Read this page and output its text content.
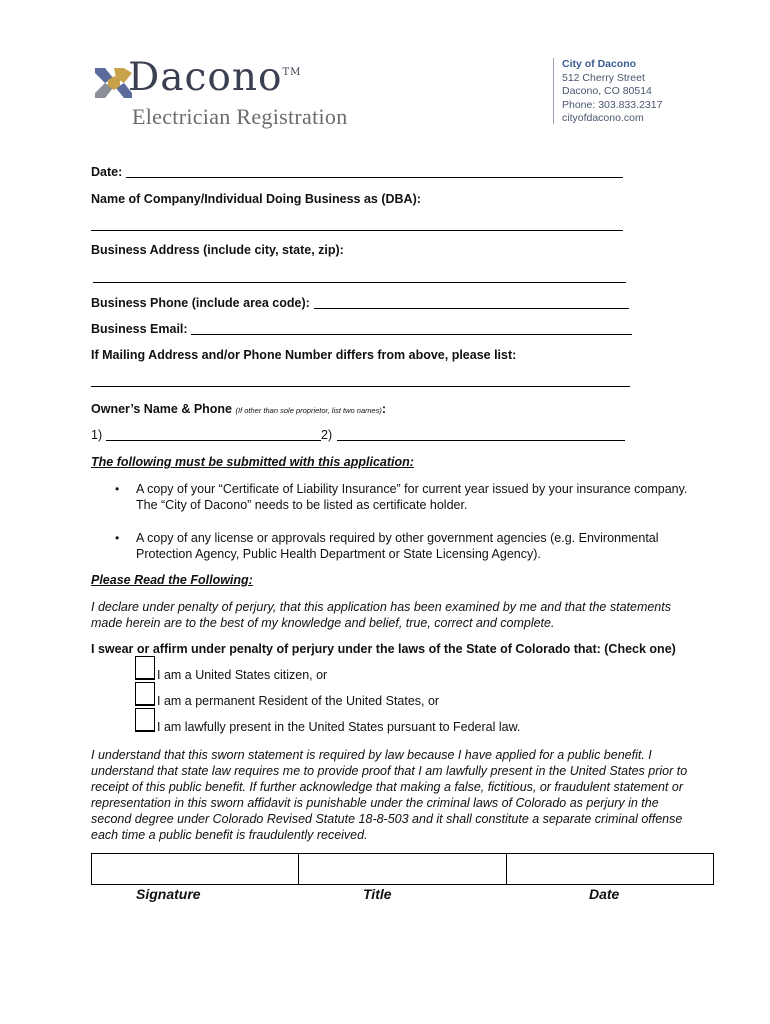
Dacono™
Electrician Registration
City of Dacono
512 Cherry Street
Dacono, CO 80514
Phone: 303.833.2317
cityofdacono.com
Date:
Name of Company/Individual Doing Business as (DBA):
Business Address (include city, state, zip):
Business Phone (include area code):
Business Email:
If Mailing Address and/or Phone Number differs from above, please list:
Owner’s Name & Phone (If other than sole proprietor, list two names):
1)	2)
The following must be submitted with this application:
• A copy of your “Certificate of Liability Insurance” for current year issued by your insurance company. The “City of Dacono” needs to be listed as certificate holder.
• A copy of any license or approvals required by other government agencies (e.g. Environmental Protection Agency, Public Health Department or State Licensing Agency).
Please Read the Following:
I declare under penalty of perjury, that this application has been examined by me and that the statements made herein are to the best of my knowledge and belief, true, correct and complete.
I swear or affirm under penalty of perjury under the laws of the State of Colorado that: (Check one)
I am a United States citizen, or
I am a permanent Resident of the United States, or
I am lawfully present in the United States pursuant to Federal law.
I understand that this sworn statement is required by law because I have applied for a public benefit. I understand that state law requires me to provide proof that I am lawfully present in the United States prior to receipt of this public benefit. If further acknowledge that making a false, fictitious, or fraudulent statement or representation in this sworn affidavit is punishable under the criminal laws of Colorado as perjury in the second degree under Colorado Revised Statute 18-8-503 and it shall constitute a separate criminal offense each time a public benefit is fraudulently received.
Signature	Title	Date
